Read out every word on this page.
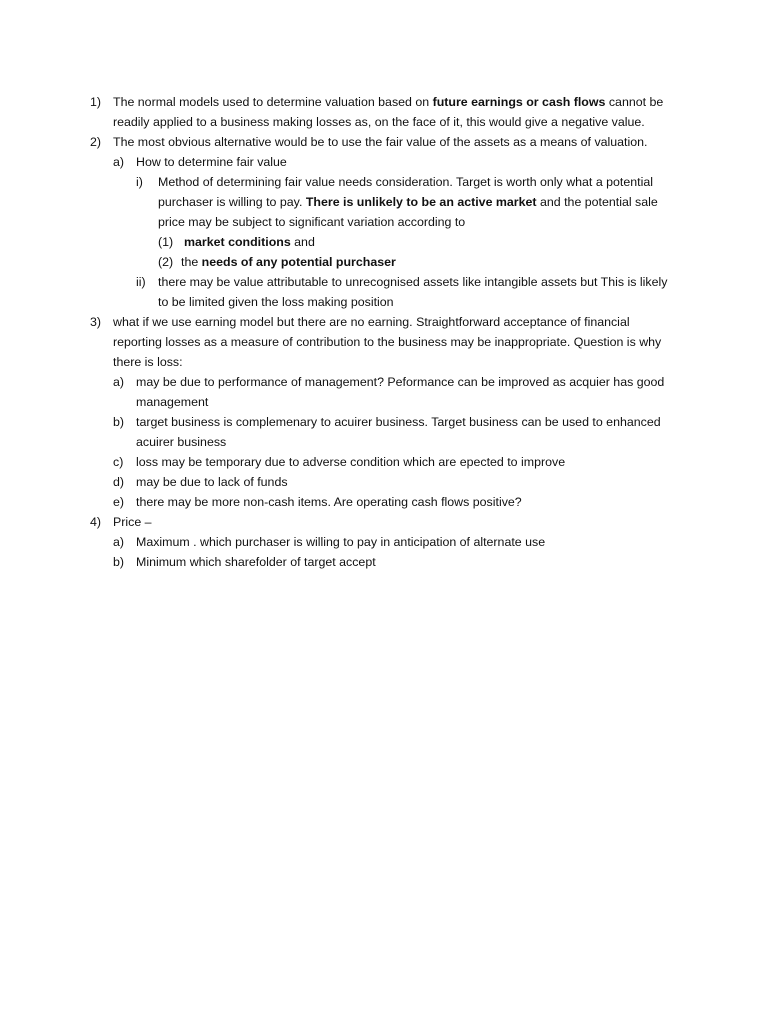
1) The normal models used to determine valuation based on future earnings or cash flows cannot be
readily applied to a business making losses as, on the face of it, this would give a negative value.
2) The most obvious alternative would be to use the fair value of the assets as a means of valuation.
a) How to determine fair value
i) Method of determining fair value needs consideration. Target is worth only what a potential
purchaser is willing to pay. There is unlikely to be an active market and the potential sale
price may be subject to significant variation according to
(1) market conditions and
(2) the needs of any potential purchaser
ii) there may be value attributable to unrecognised assets like intangible assets but This is likely
to be limited given the loss making position
3) what if we use earning model but there are no earning. Straightforward acceptance of financial
reporting losses as a measure of contribution to the business may be inappropriate. Question is why
there is loss:
a) may be due to performance of management? Peformance can be improved as acquier has good
management
b) target business is complemenary to acuirer business. Target business can be used to enhanced
acuirer business
c) loss may be temporary due to adverse condition which are epected to improve
d) may be due to lack of funds
e) there may be more non-cash items. Are operating cash flows positive?
4) Price –
a) Maximum . which purchaser is willing to pay in anticipation of alternate use
b) Minimum which sharefolder of target accept
